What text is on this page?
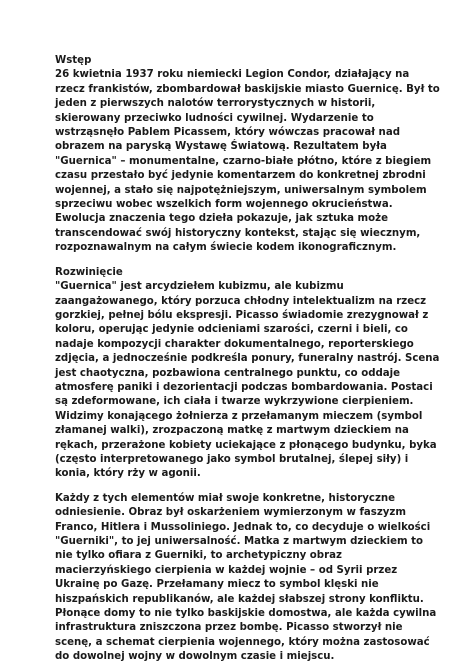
Wstęp

26 kwietnia 1937 roku niemiecki Legion Condor, działający na
rzecz frankistów, zbombardował baskijskie miasto Guernicę. Był to
jeden z pierwszych nalotów terrorystycznych w historii,
skierowany przeciwko ludności cywilnej. Wydarzenie to
wstrząsnęło Pablem Picassem, który wówczas pracował nad
obrazem na paryską Wystawę Światową. Rezultatem była
"Guernica" – monumentalne, czarno-białe płótno, które z biegiem
czasu przestało być jedynie komentarzem do konkretnej zbrodni
wojennej, a stało się najpotężniejszym, uniwersalnym symbolem
sprzeciwu wobec wszelkich form wojennego okrucieństwa.
Ewolucja znaczenia tego dzieła pokazuje, jak sztuka może
transcendować swój historyczny kontekst, stając się wiecznym,
rozpoznawalnym na całym świecie kodem ikonograficznym.

Rozwinięcie

"Guernica" jest arcydziełem kubizmu, ale kubizmu
zaangażowanego, który porzuca chłodny intelektualizm na rzecz
gorzkiej, pełnej bólu ekspresji. Picasso świadomie zrezygnował z
koloru, operując jedynie odcieniami szarości, czerni i bieli, co
nadaje kompozycji charakter dokumentalnego, reporterskiego
zdjęcia, a jednocześnie podkreśla ponury, funeralny nastrój. Scena
jest chaotyczna, pozbawiona centralnego punktu, co oddaje
atmosferę paniki i dezorientacji podczas bombardowania. Postaci
są zdeformowane, ich ciała i twarze wykrzywione cierpieniem.
Widzimy konającego żołnierza z przełamanym mieczem (symbol
złamanej walki), zrozpaczoną matkę z martwym dzieckiem na
rękach, przerażone kobiety uciekające z płonącego budynku, byka
(często interpretowanego jako symbol brutalnej, ślepej siły) i
konia, który rży w agonii.

Każdy z tych elementów miał swoje konkretne, historyczne
odniesienie. Obraz był oskarżeniem wymierzonym w faszyzm
Franco, Hitlera i Mussoliniego. Jednak to, co decyduje o wielkości
"Guerniki", to jej uniwersalność. Matka z martwym dzieckiem to
nie tylko ofiara z Guerniki, to archetypiczny obraz
macierzyńskiego cierpienia w każdej wojnie – od Syrii przez
Ukrainę po Gazę. Przełamany miecz to symbol klęski nie
hiszpańskich republikanów, ale każdej słabszej strony konfliktu.
Płonące domy to nie tylko baskijskie domostwa, ale każda cywilna
infrastruktura zniszczona przez bombę. Picasso stworzył nie
scenę, a schemat cierpienia wojennego, który można zastosować
do dowolnej wojny w dowolnym czasie i miejscu.
